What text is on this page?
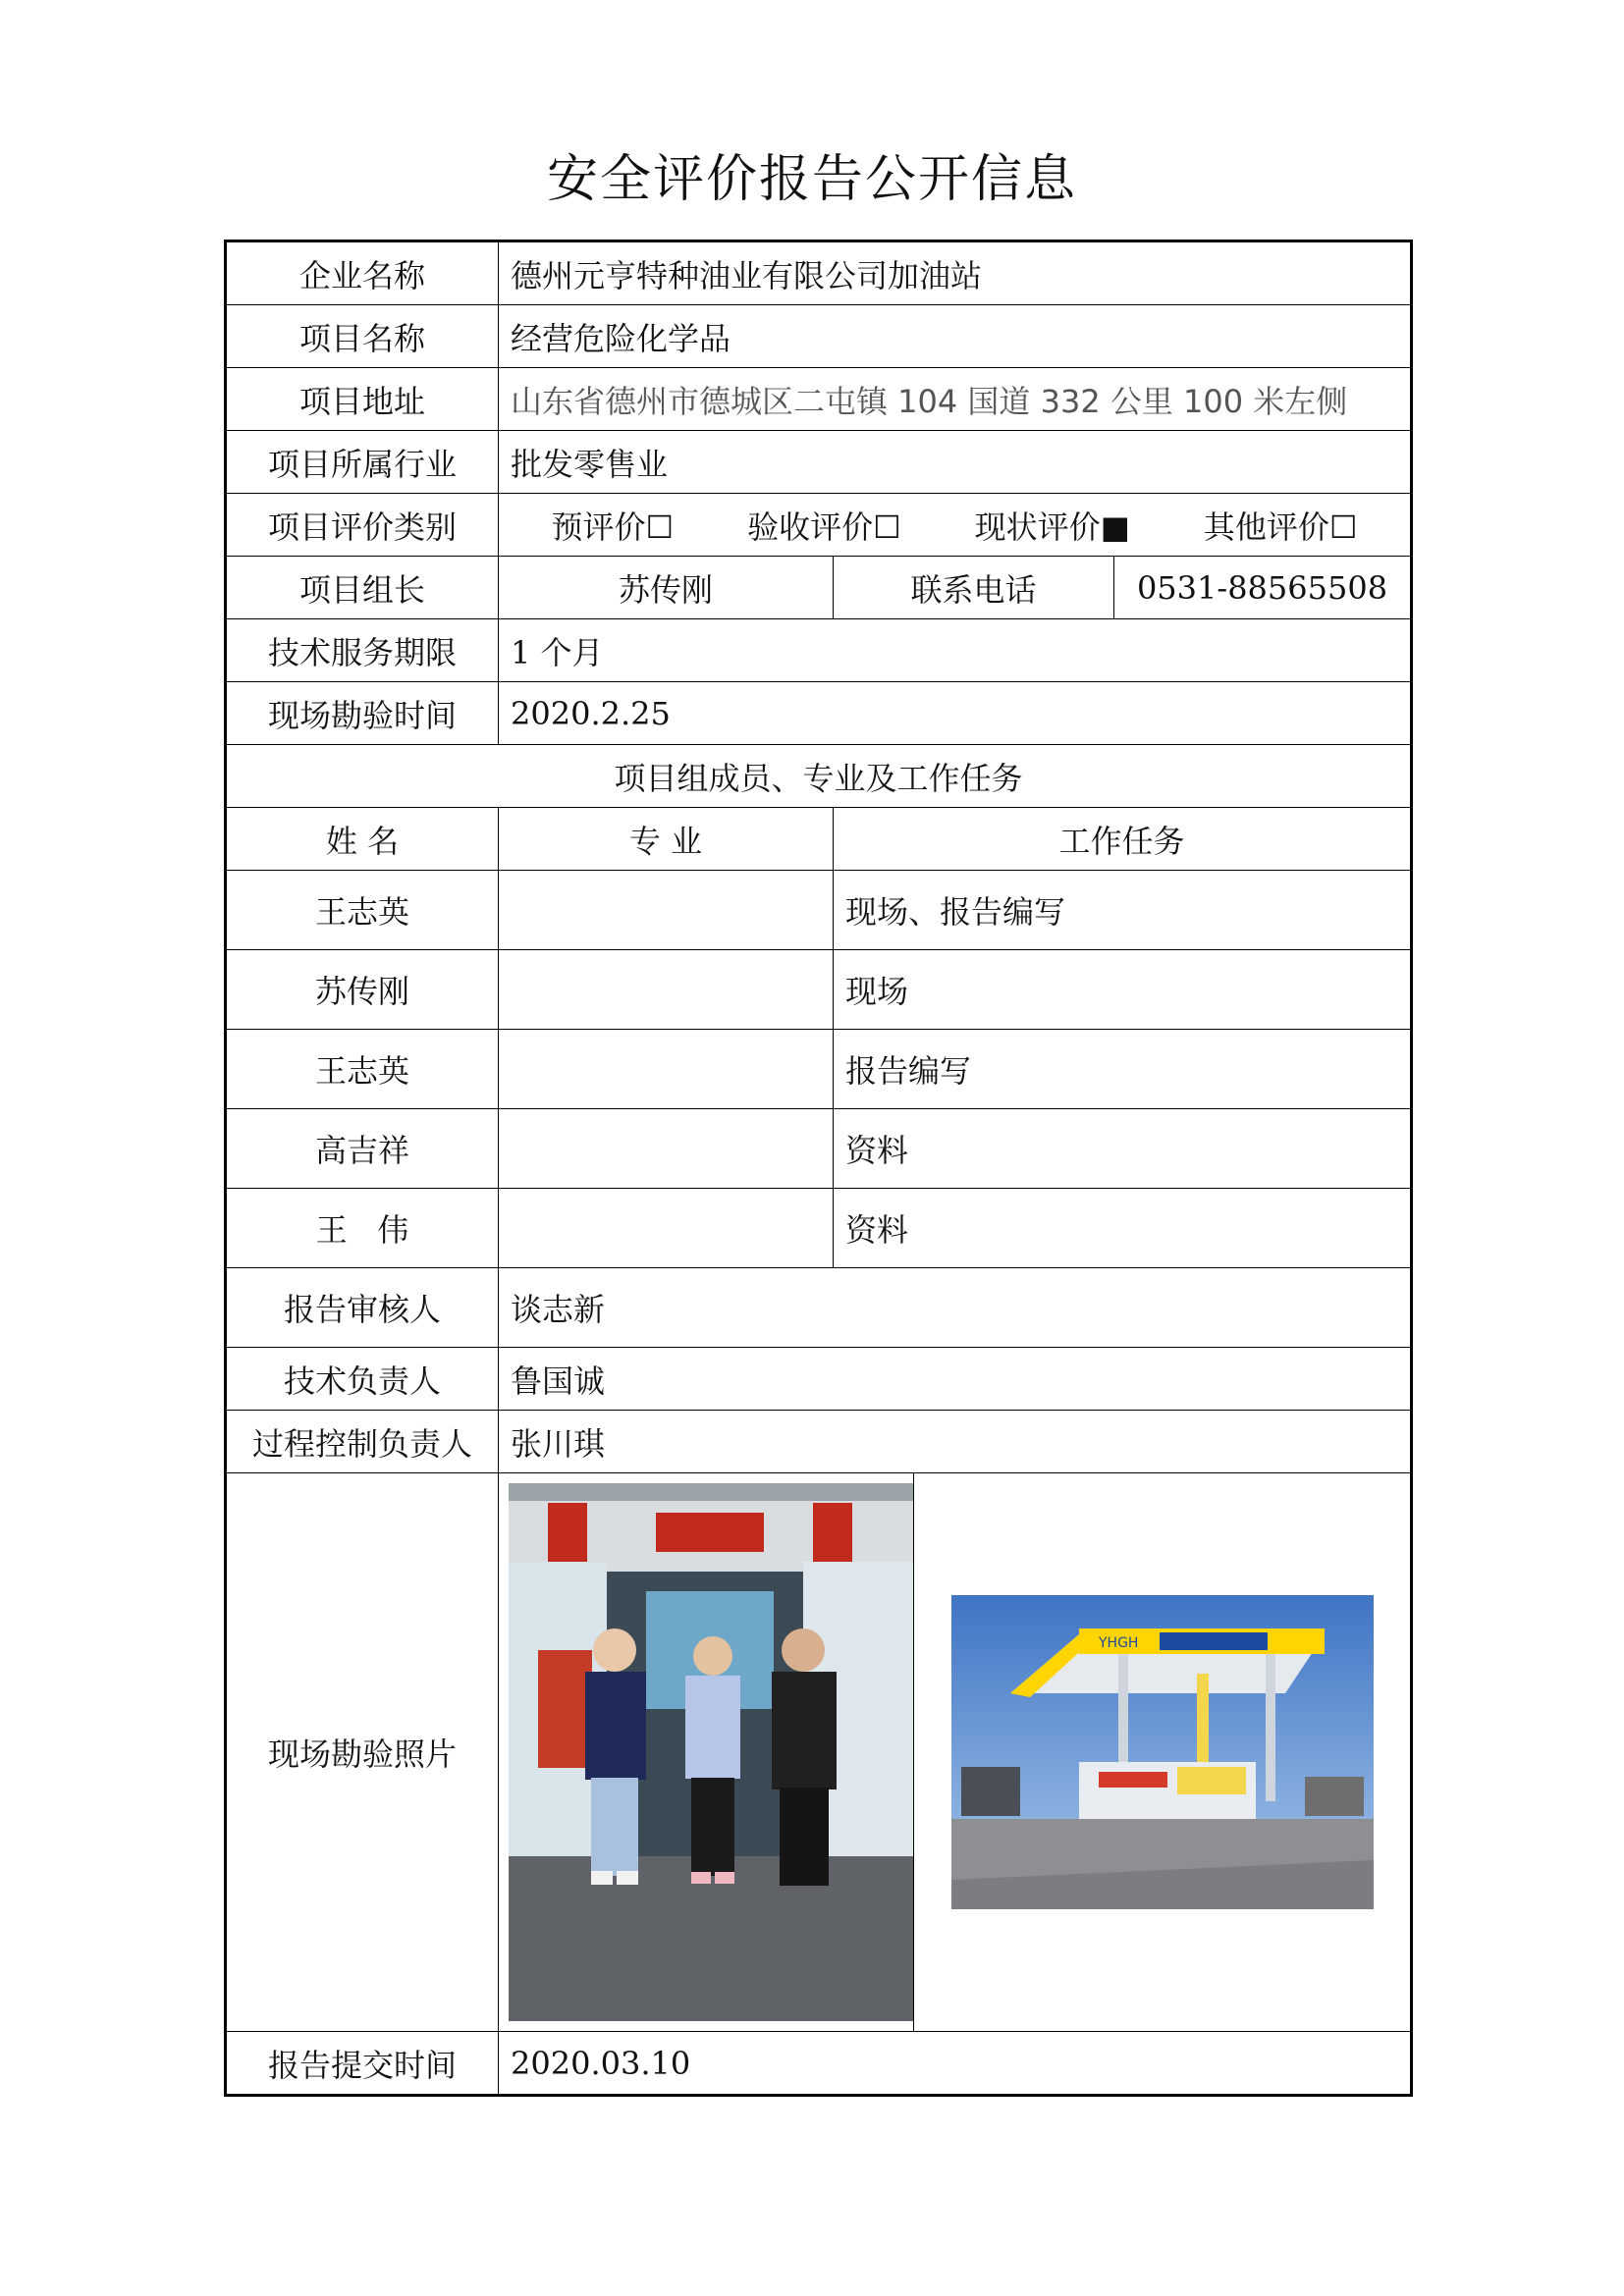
安全评价报告公开信息
企业名称	德州元亨特种油业有限公司加油站			
项目名称	经营危险化学品			
项目地址	山东省德州市德城区二屯镇 104 国道 332 公里 100 米左侧			
项目所属行业	批发零售业			
项目评价类别	预评价☐ 验收评价☐ 现状评价■ 其他评价☐			

项目组长	苏传刚	联系电话		0531-88565508
技术服务期限	1 个月			
现场勘验时间	2020.2.25			
项目组成员、专业及工作任务				
姓 名	专 业	工作任务		
王志英		现场、报告编写		
苏传刚		现场		
王志英		报告编写		
高吉祥		资料		
王   伟		资料		
报告审核人	谈志新			
技术负责人	鲁国诚			
过程控制负责人	张川琪			
现场勘验照片			YHGH	

报告提交时间	2020.03.10			
